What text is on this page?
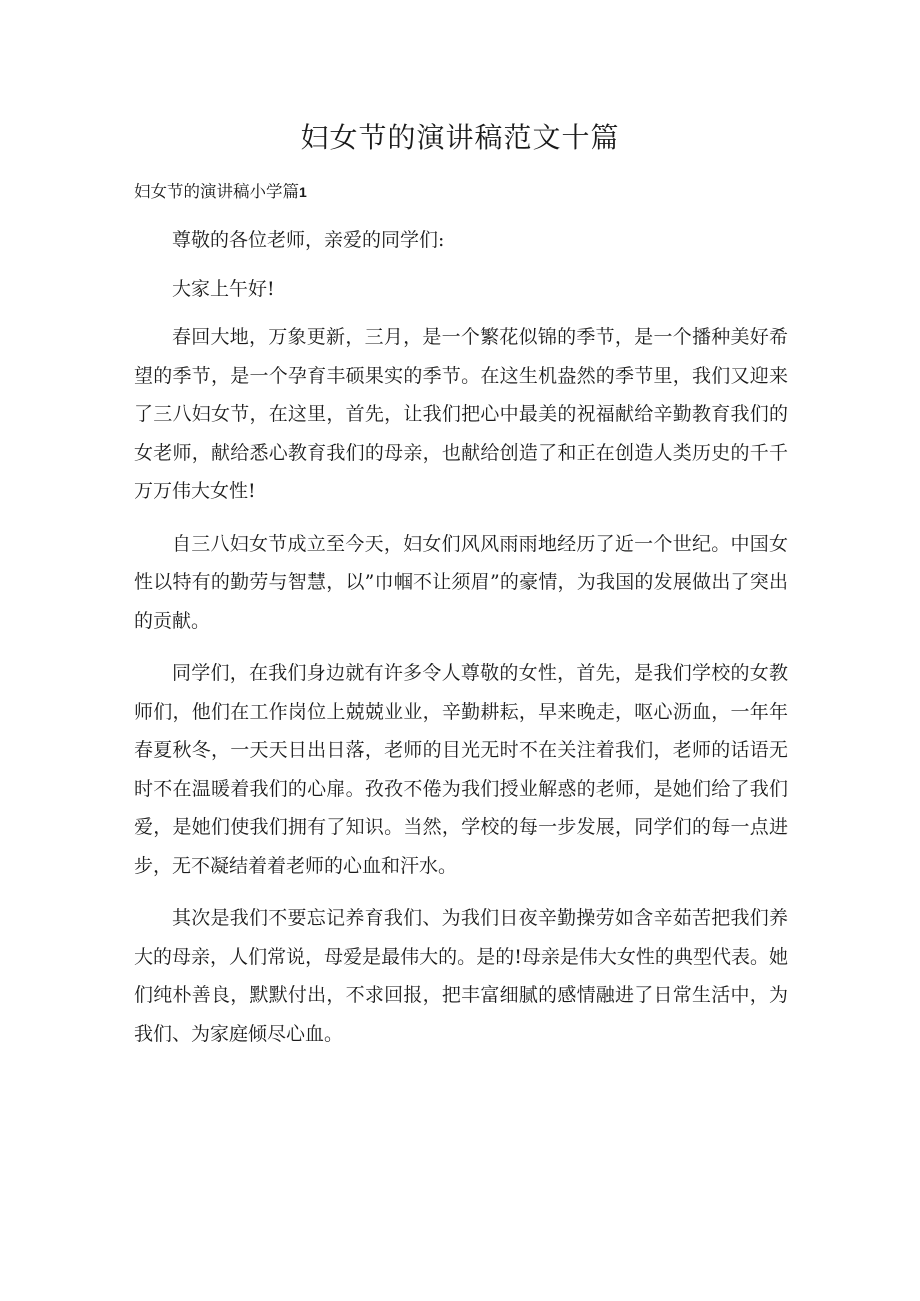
妇女节的演讲稿范文十篇
妇女节的演讲稿小学篇1

尊敬的各位老师，亲爱的同学们:

大家上午好!

春回大地，万象更新，三月，是一个繁花似锦的季节，是一个播种美好希望的季节，是一个孕育丰硕果实的季节。在这生机盎然的季节里，我们又迎来了三八妇女节，在这里，首先，让我们把心中最美的祝福献给辛勤教育我们的女老师，献给悉心教育我们的母亲，也献给创造了和正在创造人类历史的千千万万伟大女性!

自三八妇女节成立至今天，妇女们风风雨雨地经历了近一个世纪。中国女性以特有的勤劳与智慧，以”巾帼不让须眉”的豪情，为我国的发展做出了突出的贡献。

同学们，在我们身边就有许多令人尊敬的女性，首先，是我们学校的女教师们，他们在工作岗位上兢兢业业，辛勤耕耘，早来晚走，呕心沥血，一年年春夏秋冬，一天天日出日落，老师的目光无时不在关注着我们，老师的话语无时不在温暖着我们的心扉。孜孜不倦为我们授业解惑的老师，是她们给了我们爱，是她们使我们拥有了知识。当然，学校的每一步发展，同学们的每一点进步，无不凝结着着老师的心血和汗水。

其次是我们不要忘记养育我们、为我们日夜辛勤操劳如含辛茹苦把我们养大的母亲，人们常说，母爱是最伟大的。是的!母亲是伟大女性的典型代表。她们纯朴善良，默默付出，不求回报，把丰富细腻的感情融进了日常生活中，为我们、为家庭倾尽心血。
